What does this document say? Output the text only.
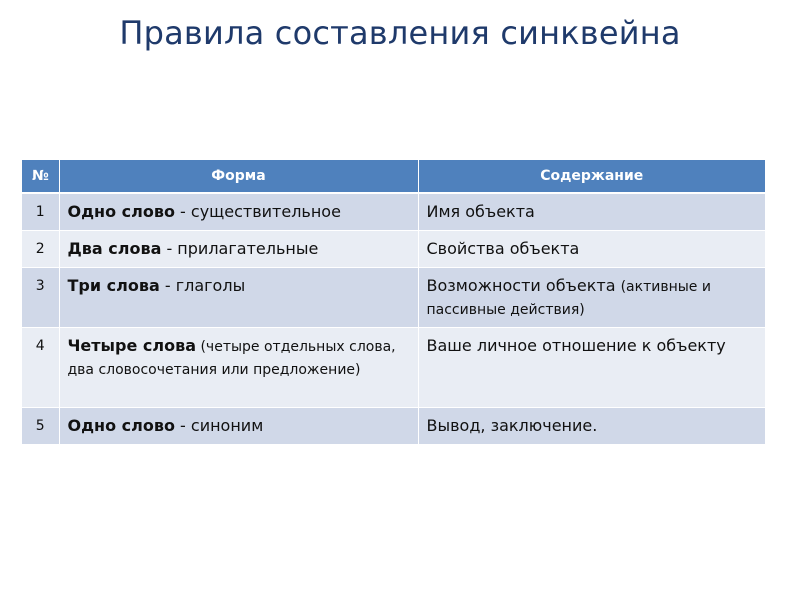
Правила составления синквейна
№	Форма	Содержание
1	Одно слово - существительное	Имя объекта
2	Два слова - прилагательные	Свойства объекта
3	Три слова - глаголы	Возможности объекта (активные и пассивные действия)
4	Четыре слова (четыре отдельных слова, два словосочетания или предложение)	Ваше личное отношение к объекту
5	Одно слово - синоним	Вывод, заключение.
